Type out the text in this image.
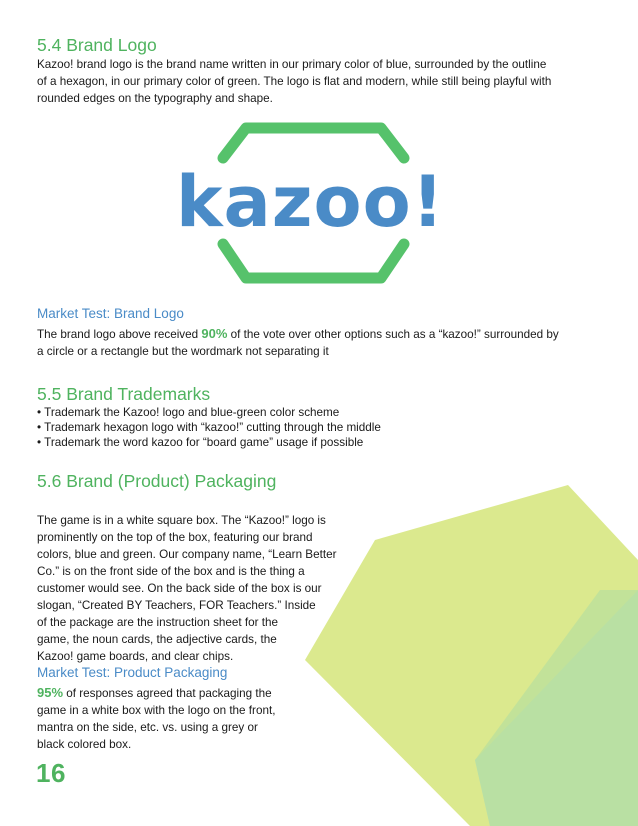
5.4 Brand Logo

Kazoo! brand logo is the brand name written in our primary color of blue, surrounded by the outline

of a hexagon, in our primary color of green. The logo is flat and modern, while still being playful with

rounded edges on the typography and shape.

kazoo!
Market Test: Brand Logo

The brand logo above received 90% of the vote over other options such as a “kazoo!” surrounded by

a circle or a rectangle but the wordmark not separating it

5.5 Brand Trademarks
• Trademark the Kazoo! logo and blue-green color scheme
• Trademark hexagon logo with “kazoo!” cutting through the middle
• Trademark the word kazoo for “board game” usage if possible
5.6 Brand (Product) Packaging

The game is in a white square box. The “Kazoo!” logo is

prominently on the top of the box, featuring our brand

colors, blue and green. Our company name, “Learn Better

Co.” is on the front side of the box and is the thing a

customer would see. On the back side of the box is our

slogan, “Created BY Teachers, FOR Teachers.” Inside

of the package are the instruction sheet for the

game, the noun cards, the adjective cards, the

Kazoo! game boards, and clear chips.

Market Test: Product Packaging

95% of responses agreed that packaging the

game in a white box with the logo on the front,

mantra on the side, etc. vs. using a grey or

black colored box.

16
